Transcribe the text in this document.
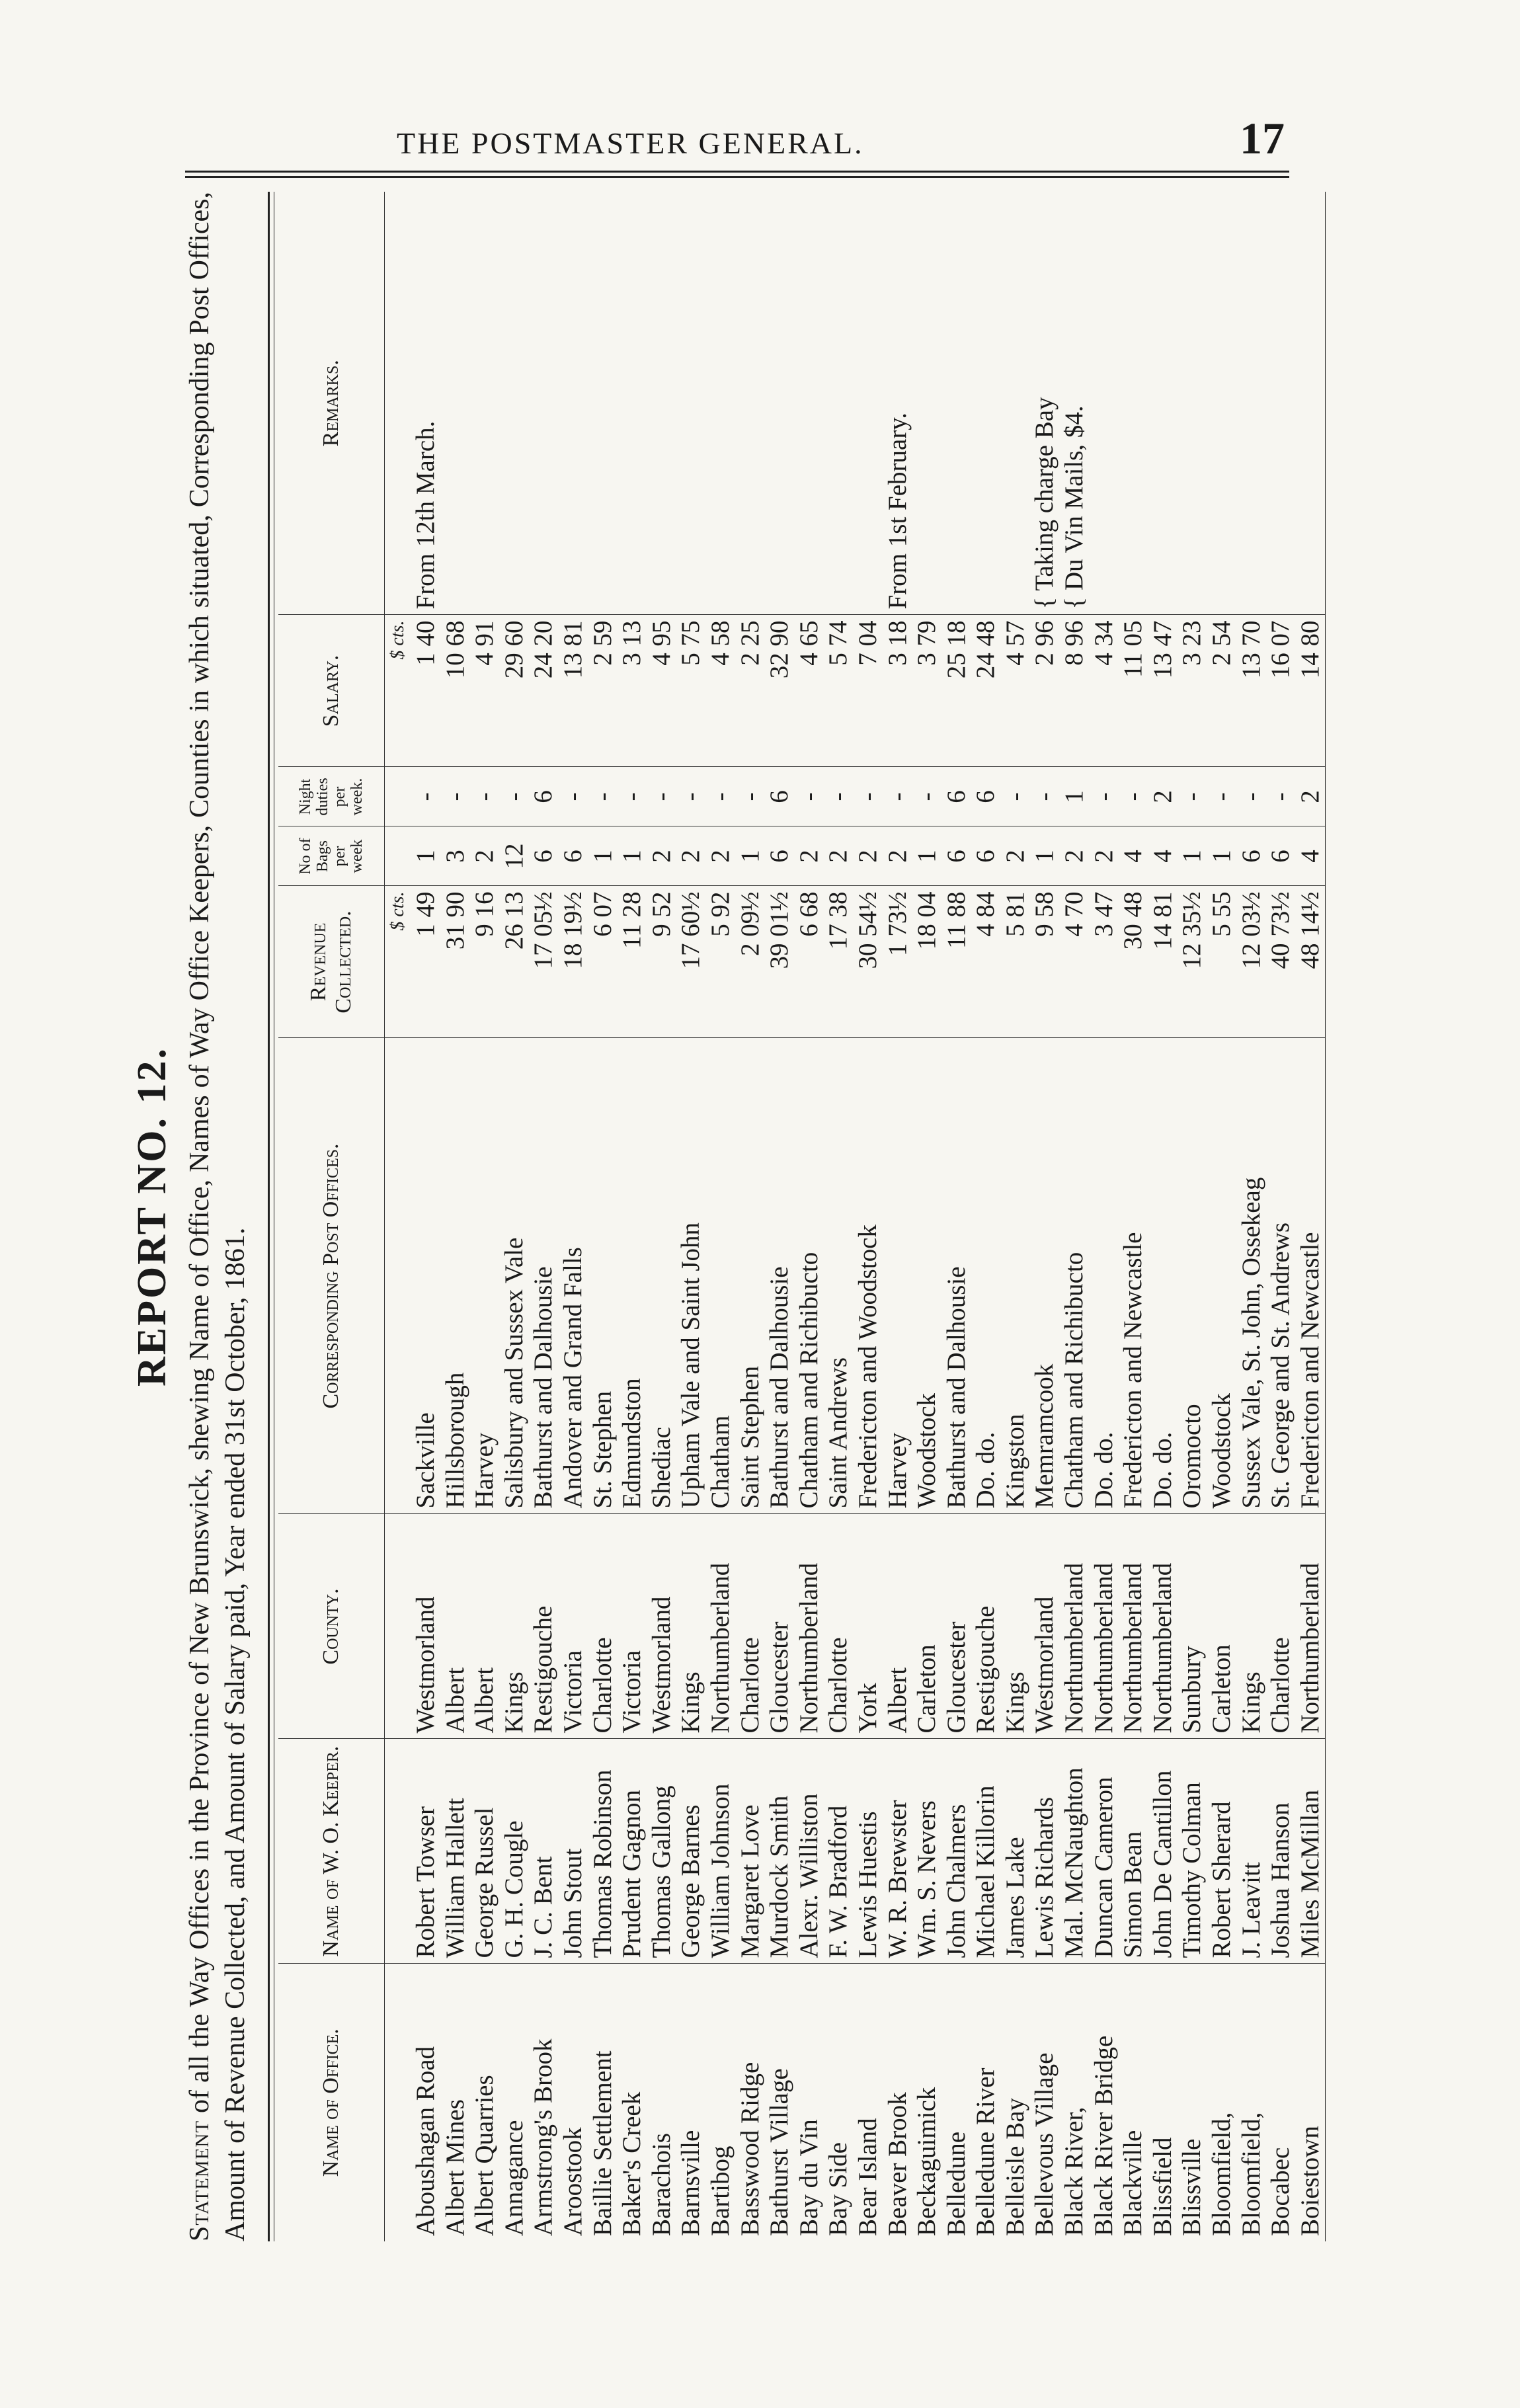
THE POSTMASTER GENERAL.	17
REPORT NO. 12.
Statement of all the Way Offices in the Province of New Brunswick, shewing Name of Office, Names of Way Office Keepers, Counties in which situated, Corresponding Post Offices, Amount of Revenue Collected, and Amount of Salary paid, Year ended 31st October, 1861.	Name of Office.	Name of W. O. Keeper.	County.	Corresponding Post Offices.	Revenue Collected.	No of Bags per week	Night duties per week.	Salary.	Remarks.
				$ cts.			$ cts.	
Aboushagan Road	Robert Towser	Westmorland	Sackville	1 49	1	-	1 40	From 12th March.
Albert Mines	William Hallett	Albert	Hillsborough	31 90	3	-	10 68	
Albert Quarries	George Russel	Albert	Harvey	9 16	2	-	4 91	
Annagance	G. H. Cougle	Kings	Salisbury and Sussex Vale	26 13	12	-	29 60	
Armstrong's Brook	J. C. Bent	Restigouche	Bathurst and Dalhousie	17 05½	6	6	24 20	
Aroostook	John Stout	Victoria	Andover and Grand Falls	18 19½	6	-	13 81	
Baillie Settlement	Thomas Robinson	Charlotte	St. Stephen	6 07	1	-	2 59	
Baker's Creek	Prudent Gagnon	Victoria	Edmundston	11 28	1	-	3 13	
Barachois	Thomas Gallong	Westmorland	Shediac	9 52	2	-	4 95	
Barnsville	George Barnes	Kings	Upham Vale and Saint John	17 60½	2	-	5 75	
Bartibog	William Johnson	Northumberland	Chatham	5 92	2	-	4 58	
Basswood Ridge	Margaret Love	Charlotte	Saint Stephen	2 09½	1	-	2 25	
Bathurst Village	Murdock Smith	Gloucester	Bathurst and Dalhousie	39 01½	6	6	32 90	
Bay du Vin	Alexr. Williston	Northumberland	Chatham and Richibucto	6 68	2	-	4 65	
Bay Side	F. W. Bradford	Charlotte	Saint Andrews	17 38	2	-	5 74	
Bear Island	Lewis Huestis	York	Fredericton and Woodstock	30 54½	2	-	7 04	
Beaver Brook	W. R. Brewster	Albert	Harvey	1 73½	2	-	3 18	From 1st February.
Beckaguimick	Wm. S. Nevers	Carleton	Woodstock	18 04	1	-	3 79	
Belledune	John Chalmers	Gloucester	Bathurst and Dalhousie	11 88	6	6	25 18	
Belledune River	Michael Killorin	Restigouche	Do. do.	4 84	6	6	24 48	
Belleisle Bay	James Lake	Kings	Kingston	5 81	2	-	4 57	
Bellevous Village	Lewis Richards	Westmorland	Memramcook	9 58	1	-	2 96	{ Taking charge Bay
Black River,	Mal. McNaughton	Northumberland	Chatham and Richibucto	4 70	2	1	8 96	{ Du Vin Mails, $4.
Black River Bridge	Duncan Cameron	Northumberland	Do. do.	3 47	2	-	4 34	
Blackville	Simon Bean	Northumberland	Fredericton and Newcastle	30 48	4	-	11 05	
Blissfield	John De Cantillon	Northumberland	Do. do.	14 81	4	2	13 47	
Blissville	Timothy Colman	Sunbury	Oromocto	12 35½	1	-	3 23	
Bloomfield,	Robert Sherard	Carleton	Woodstock	5 55	1	-	2 54	
Bloomfield,	J. Leavitt	Kings	Sussex Vale, St. John, Ossekeag	12 03½	6	-	13 70	
Bocabec	Joshua Hanson	Charlotte	St. George and St. Andrews	40 73½	6	-	16 07	
Boiestown	Miles McMillan	Northumberland	Fredericton and Newcastle	48 14½	4	2	14 80	
